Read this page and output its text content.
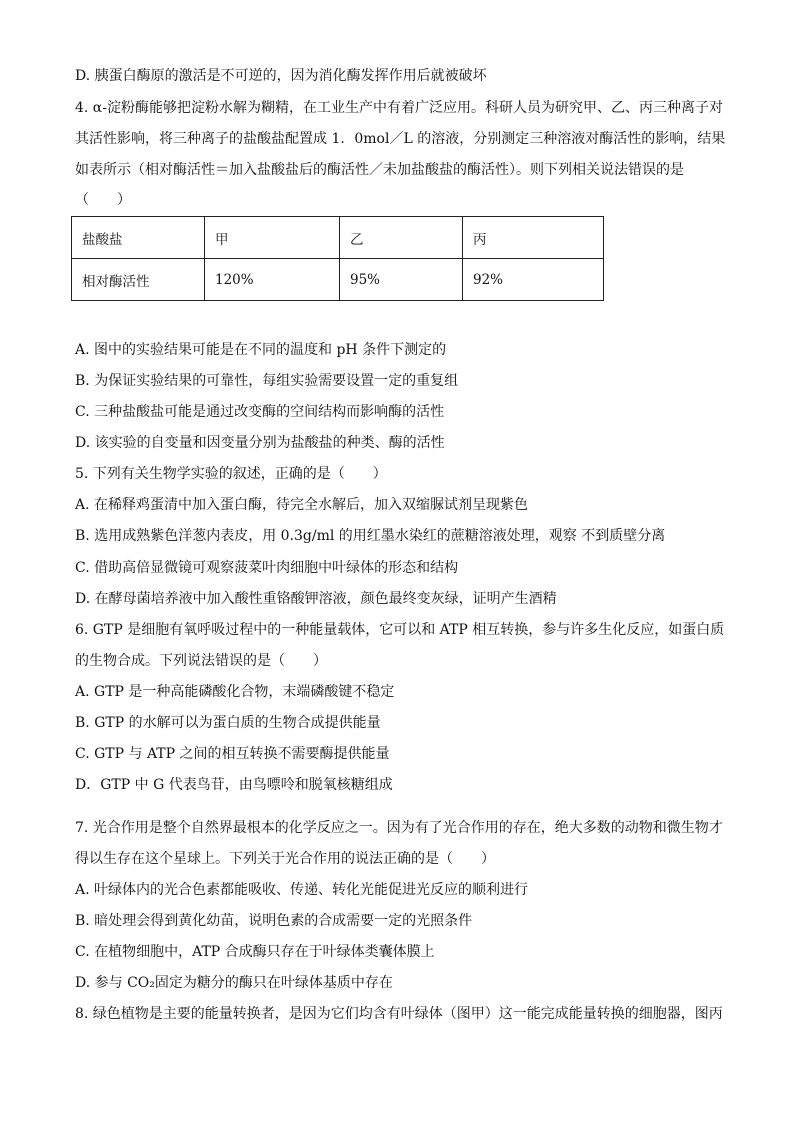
D. 胰蛋白酶原的激活是不可逆的，因为消化酶发挥作用后就被破坏
4. α-淀粉酶能够把淀粉水解为糊精，在工业生产中有着广泛应用。科研人员为研究甲、乙、丙三种离子对
其活性影响，将三种离子的盐酸盐配置成 1．0mol／L 的溶液，分别测定三种溶液对酶活性的影响，结果
如表所示（相对酶活性＝加入盐酸盐后的酶活性／未加盐酸盐的酶活性）。则下列相关说法错误的是
（　　）
盐酸盐	甲	乙	丙
相对酶活性	120%	95%	92%
A. 图中的实验结果可能是在不同的温度和 pH 条件下测定的
B. 为保证实验结果的可靠性，每组实验需要设置一定的重复组
C. 三种盐酸盐可能是通过改变酶的空间结构而影响酶的活性
D. 该实验的自变量和因变量分别为盐酸盐的种类、酶的活性
5. 下列有关生物学实验的叙述，正确的是（　　）
A. 在稀释鸡蛋清中加入蛋白酶，待完全水解后，加入双缩脲试剂呈现紫色
B. 选用成熟紫色洋葱内表皮，用 0.3g/ml 的用红墨水染红的蔗糖溶液处理，观察 不到质壁分离
C. 借助高倍显微镜可观察菠菜叶肉细胞中叶绿体的形态和结构
D. 在酵母菌培养液中加入酸性重铬酸钾溶液，颜色最终变灰绿，证明产生酒精
6. GTP 是细胞有氧呼吸过程中的一种能量载体，它可以和 ATP 相互转换，参与许多生化反应，如蛋白质
的生物合成。下列说法错误的是（　　）
A. GTP 是一种高能磷酸化合物，末端磷酸键不稳定
B. GTP 的水解可以为蛋白质的生物合成提供能量
C. GTP 与 ATP 之间的相互转换不需要酶提供能量
D．GTP 中 G 代表鸟苷，由鸟嘌呤和脱氧核糖组成
7. 光合作用是整个自然界最根本的化学反应之一。因为有了光合作用的存在，绝大多数的动物和微生物才
得以生存在这个星球上。下列关于光合作用的说法正确的是（　　）
A. 叶绿体内的光合色素都能吸收、传递、转化光能促进光反应的顺利进行
B. 暗处理会得到黄化幼苗，说明色素的合成需要一定的光照条件
C. 在植物细胞中，ATP 合成酶只存在于叶绿体类囊体膜上
D. 参与 CO₂固定为糖分的酶只在叶绿体基质中存在
8. 绿色植物是主要的能量转换者，是因为它们均含有叶绿体（图甲）这一能完成能量转换的细胞器，图丙
